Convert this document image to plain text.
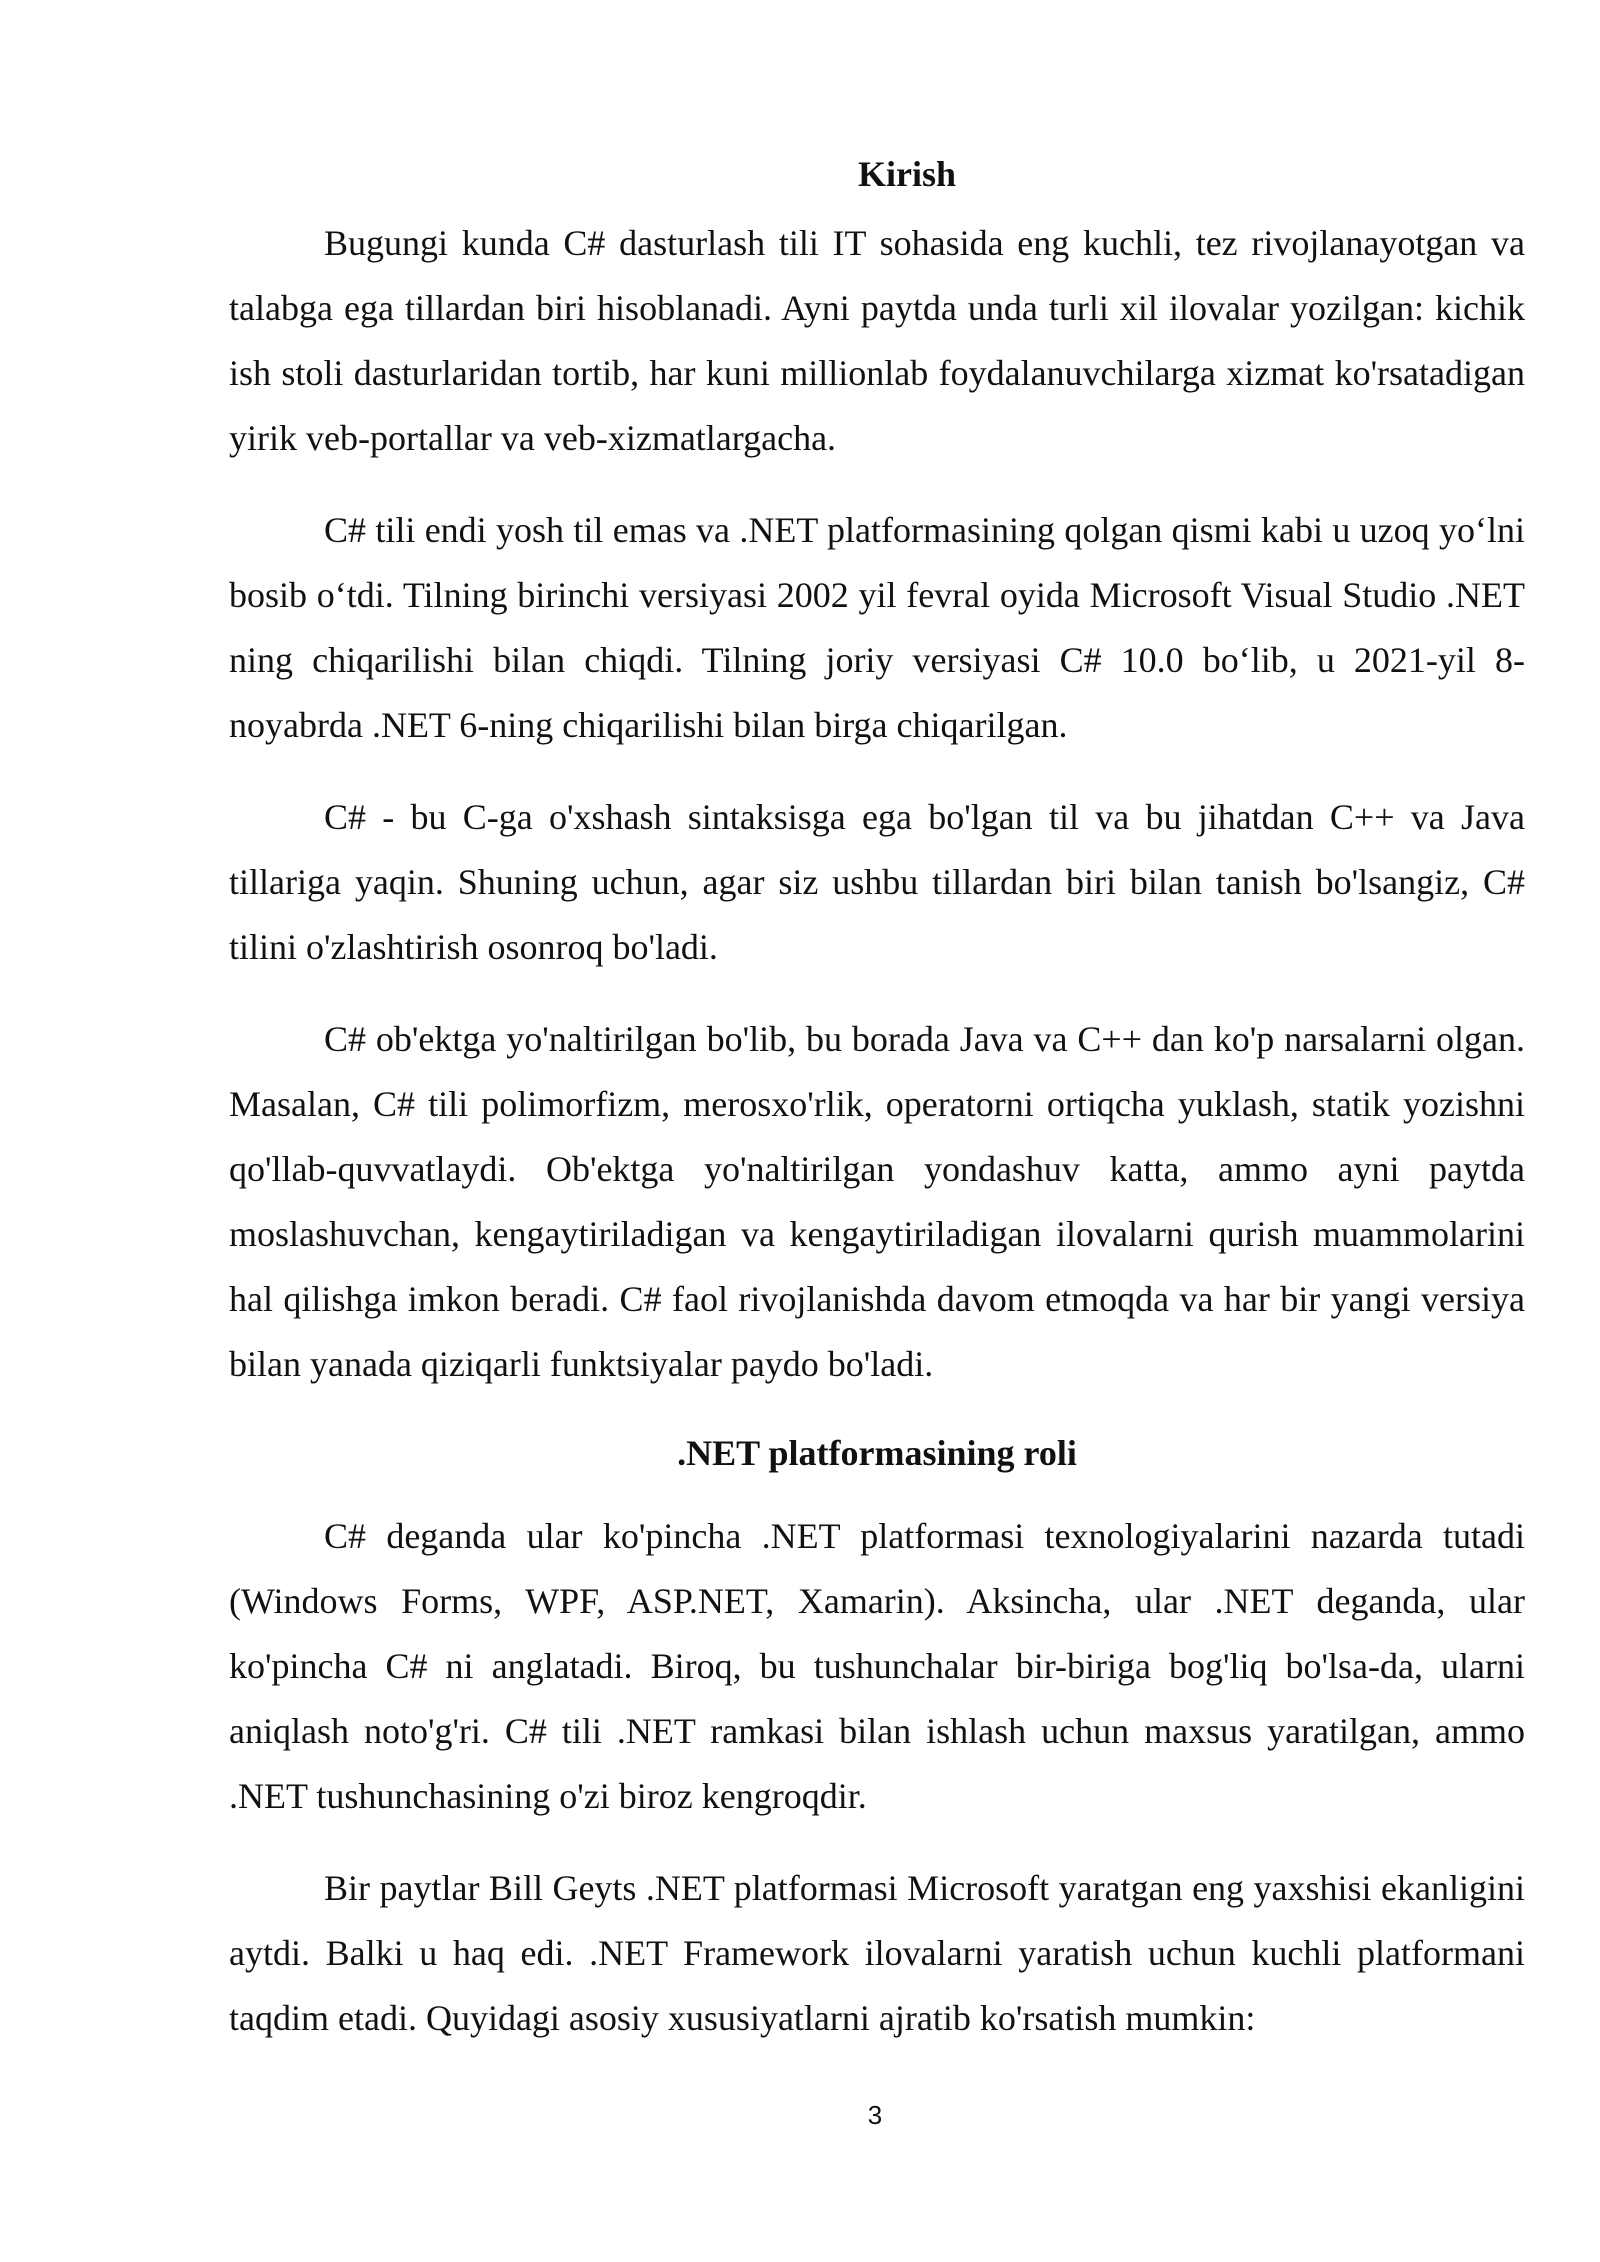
Kirish

Bugungi kunda C# dasturlash tili IT sohasida eng kuchli, tez rivojlanayotgan va talabga ega tillardan biri hisoblanadi. Ayni paytda unda turli xil ilovalar yozilgan: kichik ish stoli dasturlaridan tortib, har kuni millionlab foydalanuvchilarga xizmat ko'rsatadigan yirik veb-portallar va veb-xizmatlargacha.

C# tili endi yosh til emas va .NET platformasining qolgan qismi kabi u uzoq yo‘lni bosib o‘tdi. Tilning birinchi versiyasi 2002 yil fevral oyida Microsoft Visual Studio .NET ning chiqarilishi bilan chiqdi. Tilning joriy versiyasi C# 10.0 bo‘lib, u 2021-yil 8-noyabrda .NET 6-ning chiqarilishi bilan birga chiqarilgan.

C# - bu C-ga o'xshash sintaksisga ega bo'lgan til va bu jihatdan C++ va Java tillariga yaqin. Shuning uchun, agar siz ushbu tillardan biri bilan tanish bo'lsangiz, C# tilini o'zlashtirish osonroq bo'ladi.

C# ob'ektga yo'naltirilgan bo'lib, bu borada Java va C++ dan ko'p narsalarni olgan. Masalan, C# tili polimorfizm, merosxo'rlik, operatorni ortiqcha yuklash, statik yozishni qo'llab-quvvatlaydi. Ob'ektga yo'naltirilgan yondashuv katta, ammo ayni paytda moslashuvchan, kengaytiriladigan va kengaytiriladigan ilovalarni qurish muammolarini hal qilishga imkon beradi. C# faol rivojlanishda davom etmoqda va har bir yangi versiya bilan yanada qiziqarli funktsiyalar paydo bo'ladi.

.NET platformasining roli

C# deganda ular ko'pincha .NET platformasi texnologiyalarini nazarda tutadi (Windows Forms, WPF, ASP.NET, Xamarin). Aksincha, ular .NET deganda, ular ko'pincha C# ni anglatadi. Biroq, bu tushunchalar bir-biriga bog'liq bo'lsa-da, ularni aniqlash noto'g'ri. C# tili .NET ramkasi bilan ishlash uchun maxsus yaratilgan, ammo .NET tushunchasining o'zi biroz kengroqdir.

Bir paytlar Bill Geyts .NET platformasi Microsoft yaratgan eng yaxshisi ekanligini aytdi. Balki u haq edi. .NET Framework ilovalarni yaratish uchun kuchli platformani taqdim etadi. Quyidagi asosiy xususiyatlarni ajratib ko'rsatish mumkin:

3
